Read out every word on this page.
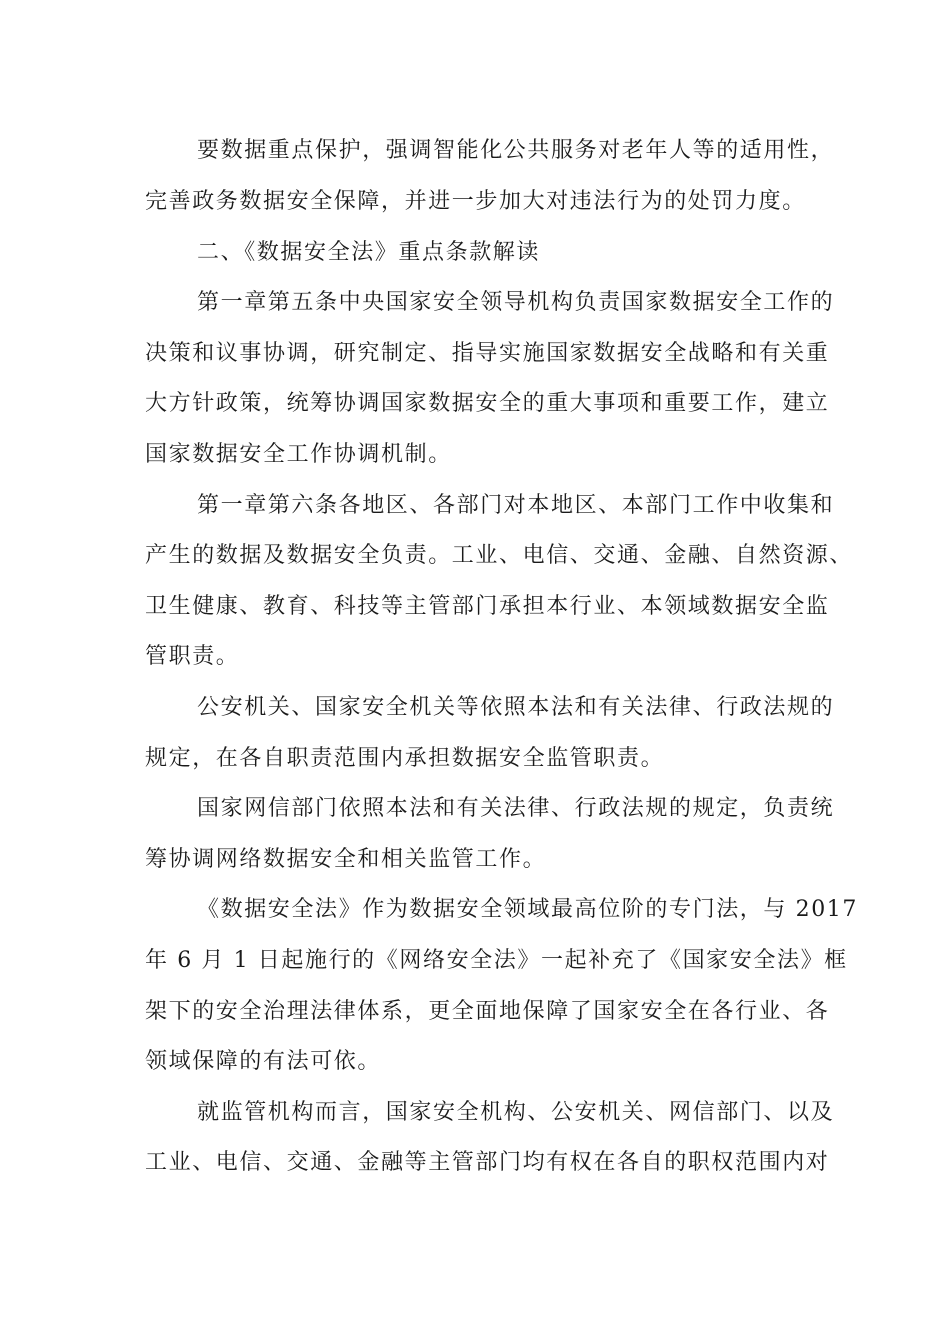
要数据重点保护，强调智能化公共服务对老年人等的适用性，
完善政务数据安全保障，并进一步加大对违法行为的处罚力度。
二、《数据安全法》重点条款解读
第一章第五条中央国家安全领导机构负责国家数据安全工作的
决策和议事协调，研究制定、指导实施国家数据安全战略和有关重
大方针政策，统筹协调国家数据安全的重大事项和重要工作，建立
国家数据安全工作协调机制。
第一章第六条各地区、各部门对本地区、本部门工作中收集和
产生的数据及数据安全负责。工业、电信、交通、金融、自然资源、
卫生健康、教育、科技等主管部门承担本行业、本领域数据安全监
管职责。
公安机关、国家安全机关等依照本法和有关法律、行政法规的
规定，在各自职责范围内承担数据安全监管职责。
国家网信部门依照本法和有关法律、行政法规的规定，负责统
筹协调网络数据安全和相关监管工作。
《数据安全法》作为数据安全领域最高位阶的专门法，与 2017
年 6 月 1 日起施行的《网络安全法》一起补充了《国家安全法》框
架下的安全治理法律体系，更全面地保障了国家安全在各行业、各
领域保障的有法可依。
就监管机构而言，国家安全机构、公安机关、网信部门、以及
工业、电信、交通、金融等主管部门均有权在各自的职权范围内对
